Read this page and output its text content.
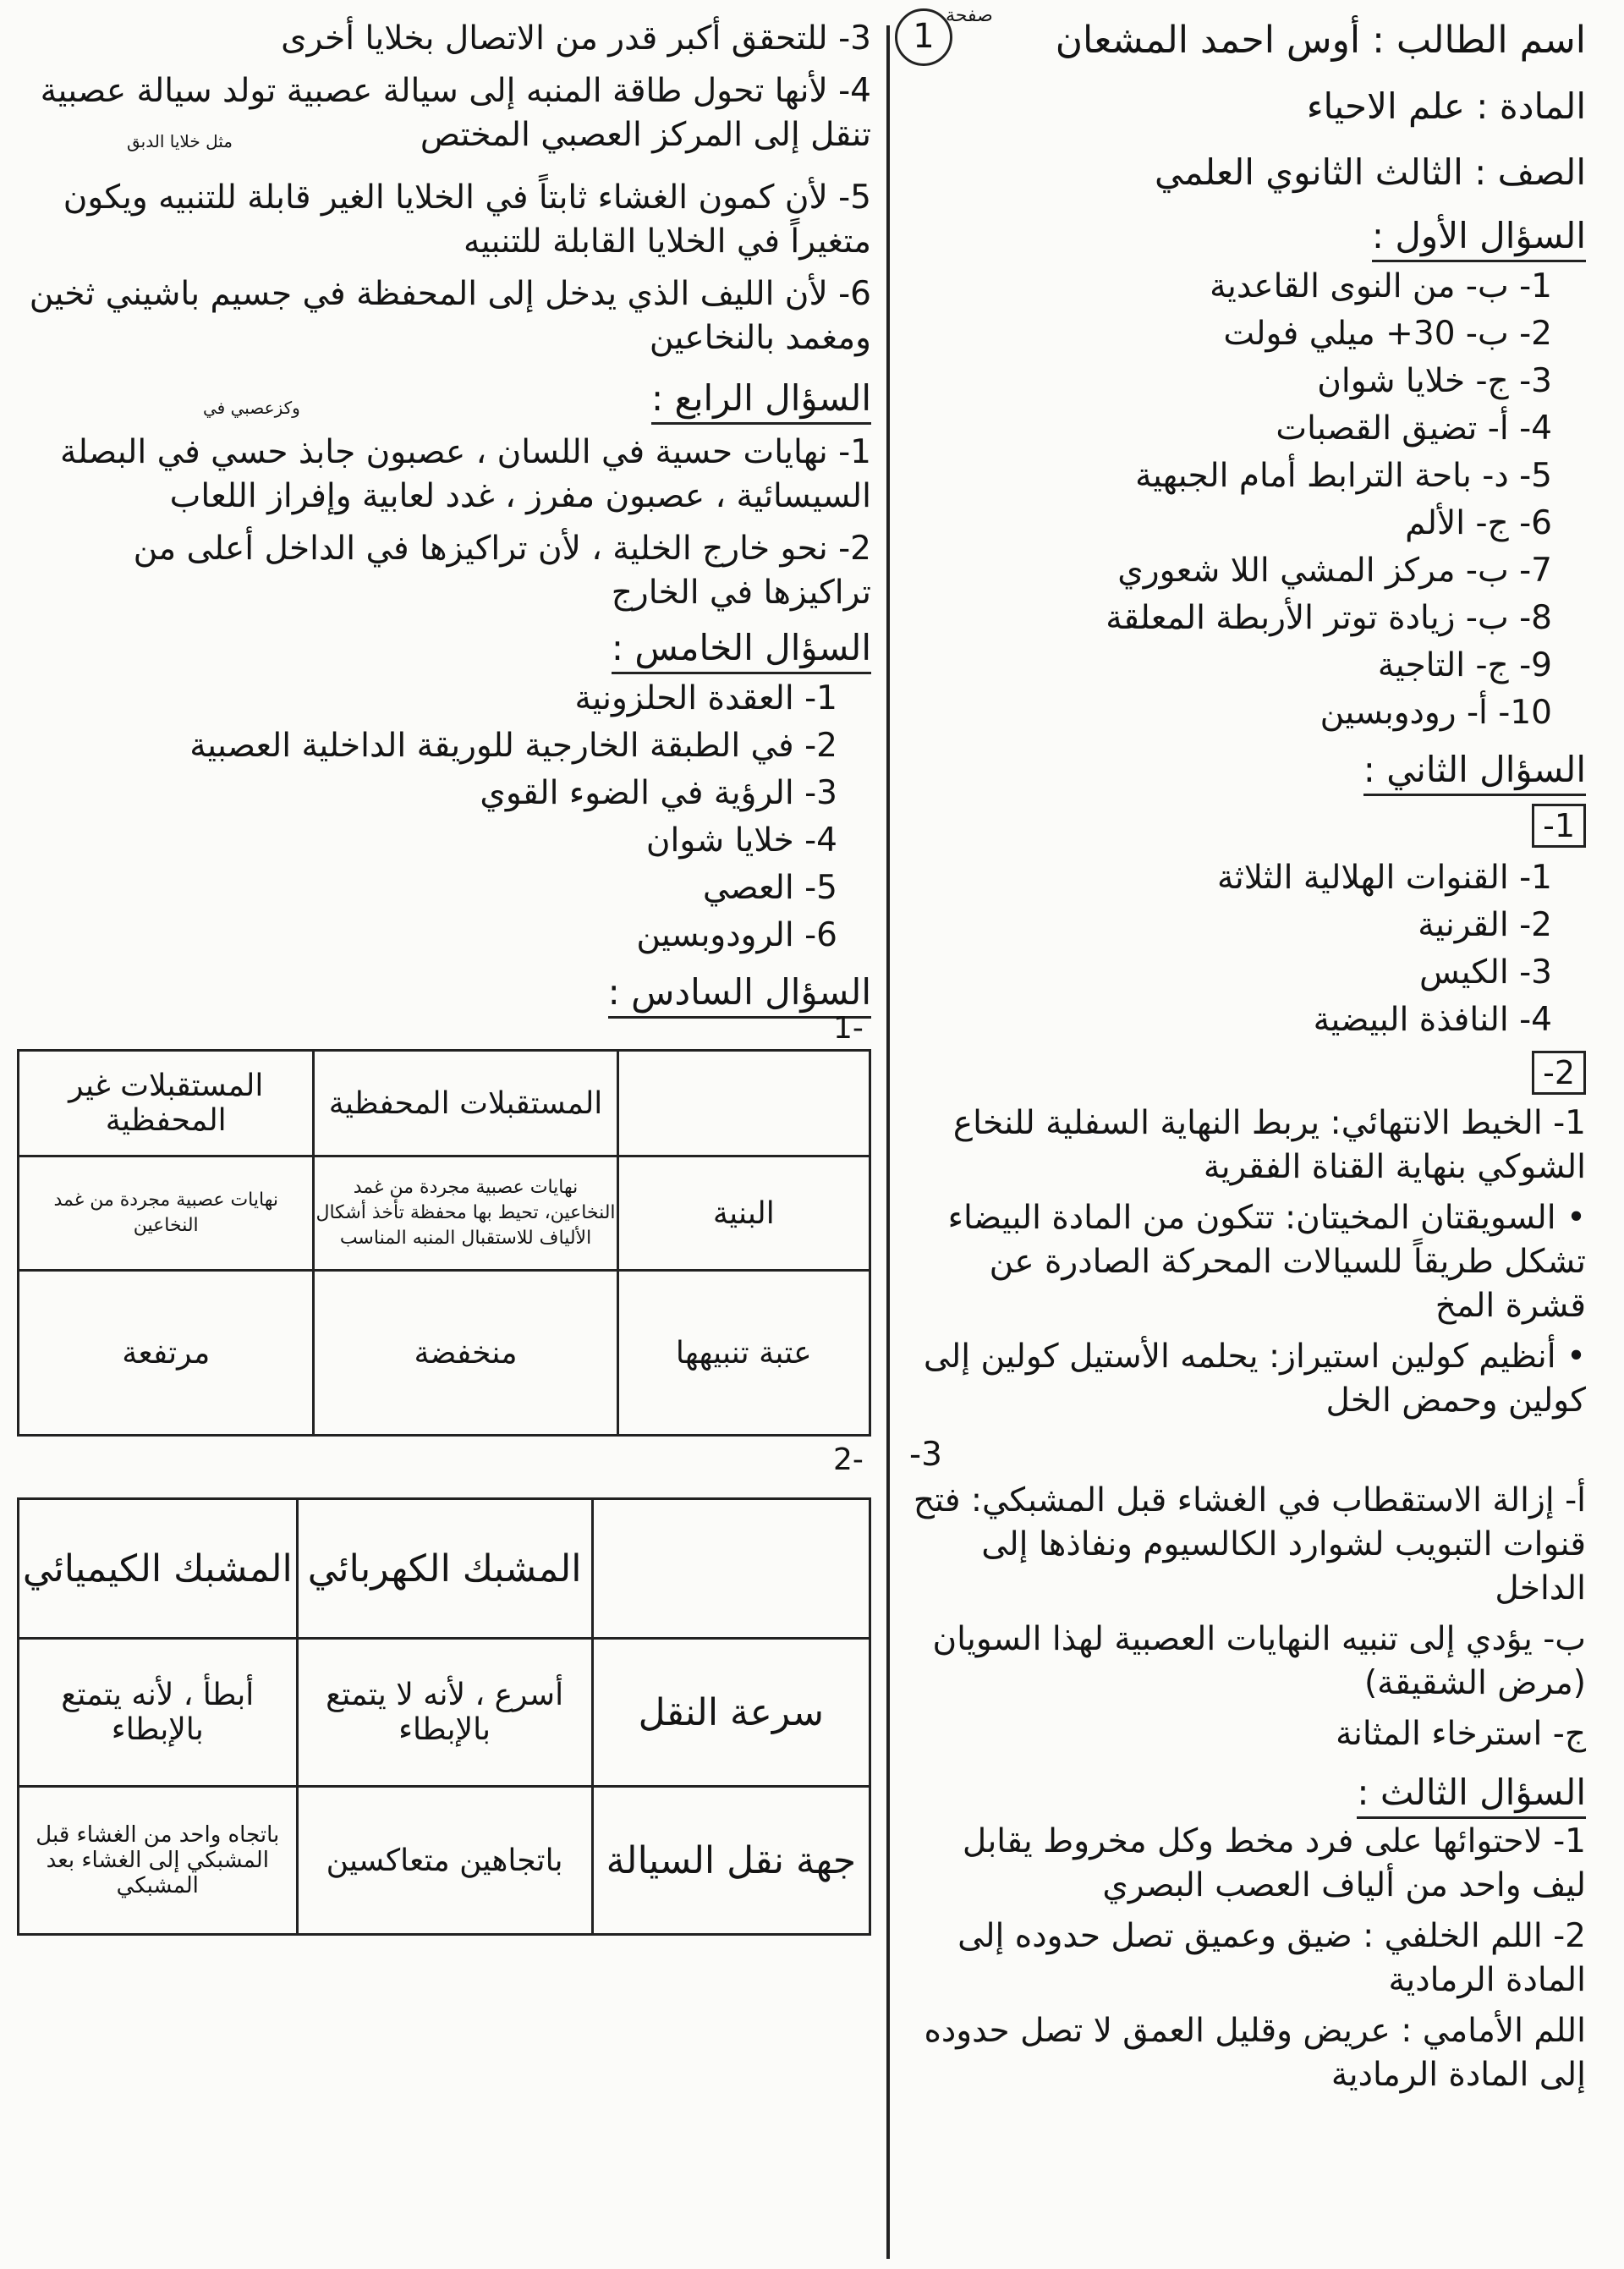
1
صفحة
اسم الطالب : أوس احمد المشعان
المادة : علم الاحياء
الصف : الثالث الثانوي العلمي
السؤال الأول :
1- ب- من النوى القاعدية
2- ب- 30+ ميلي فولت
3- ج- خلايا شوان
4- أ- تضيق القصبات
5- د- باحة الترابط أمام الجبهية
6- ج- الألم
7- ب- مركز المشي اللا شعوري
8- ب- زيادة توتر الأربطة المعلقة
9- ج- التاجية
10- أ- رودوبسين
السؤال الثاني :
1-
1- القنوات الهلالية الثلاثة
2- القرنية
3- الكيس
4- النافذة البيضية
2-
1- الخيط الانتهائي: يربط النهاية السفلية للنخاع الشوكي بنهاية القناة الفقرية
• السويقتان المخيتان: تتكون من المادة البيضاء تشكل طريقاً للسيالات المحركة الصادرة عن قشرة المخ
• أنظيم كولين استيراز: يحلمه الأستيل كولين إلى كولين وحمض الخل
3-
أ- إزالة الاستقطاب في الغشاء قبل المشبكي: فتح قنوات التبويب لشوارد الكالسيوم ونفاذها إلى الداخل
ب- يؤدي إلى تنبيه النهايات العصبية لهذا السويان (مرض الشقيقة)
ج- استرخاء المثانة
السؤال الثالث :
1- لاحتوائها على فرد مخط وكل مخروط يقابل ليف واحد من ألياف العصب البصري
2- اللم الخلفي : ضيق وعميق تصل حدوده إلى المادة الرمادية
اللم الأمامي : عريض وقليل العمق لا تصل حدوده إلى المادة الرمادية
3- للتحقق أكبر قدر من الاتصال بخلايا أخرى
4- لأنها تحول طاقة المنبه إلى سيالة عصبية تولد سيالة عصبية تنقل إلى المركز العصبي المختص
5- لأن كمون الغشاء ثابتاً في الخلايا الغير قابلة للتنبيه ويكون متغيراً في الخلايا القابلة للتنبيه
6- لأن الليف الذي يدخل إلى المحفظة في جسيم باشيني ثخين ومغمد بالنخاعين
السؤال الرابع :
1- نهايات حسية في اللسان ، عصبون جابذ حسي في البصلة السيسائية ، عصبون مفرز ، غدد لعابية وإفراز اللعاب
2- نحو خارج الخلية ، لأن تراكيزها في الداخل أعلى من تراكيزها في الخارج
السؤال الخامس :
1- العقدة الحلزونية
2- في الطبقة الخارجية للوريقة الداخلية العصبية
3- الرؤية في الضوء القوي
4- خلايا شوان
5- العصي
6- الرودوبسين
السؤال السادس :
مثل خلايا الدبق
وكزعصبي في
1-
	المستقبلات المحفظية	المستقبلات غير المحفظية
البنية	نهايات عصبية مجردة من غمد النخاعين، تحيط بها محفظة تأخذ أشكال الألياف للاستقبال المنبه المناسب	نهايات عصبية مجردة من غمد النخاعين
عتبة تنبيهها	منخفضة	مرتفعة
2-
	المشبك الكهربائي	المشبك الكيميائي
سرعة النقل	أسرع ، لأنه لا يتمتع بالإبطاء	أبطأ ، لأنه يتمتع بالإبطاء
جهة نقل السيالة	باتجاهين متعاكسين	باتجاه واحد من الغشاء قبل المشبكي إلى الغشاء بعد المشبكي
